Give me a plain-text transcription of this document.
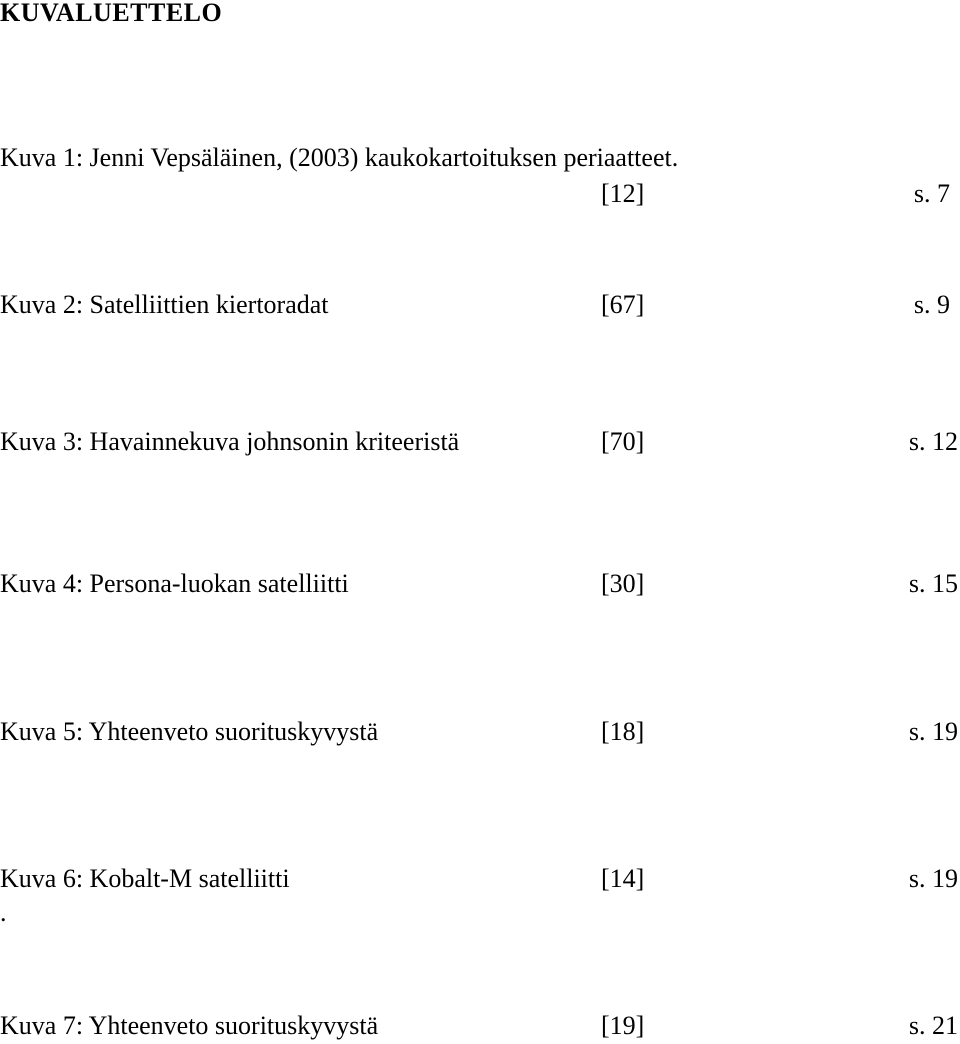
KUVALUETTELO
Kuva 1: Jenni Vepsäläinen, (2003) kaukokartoituksen periaatteet.
[12]	s. 7
Kuva 2: Satelliittien kiertoradat	[67]	s. 9
Kuva 3: Havainnekuva johnsonin kriteeristä	[70]	s. 12
Kuva 4: Persona-luokan satelliitti	[30]	s. 15
Kuva 5: Yhteenveto suorituskyvystä	[18]	s. 19
Kuva 6: Kobalt-M satelliitti	[14]	s. 19
.
Kuva 7: Yhteenveto suorituskyvystä	[19]	s. 21
